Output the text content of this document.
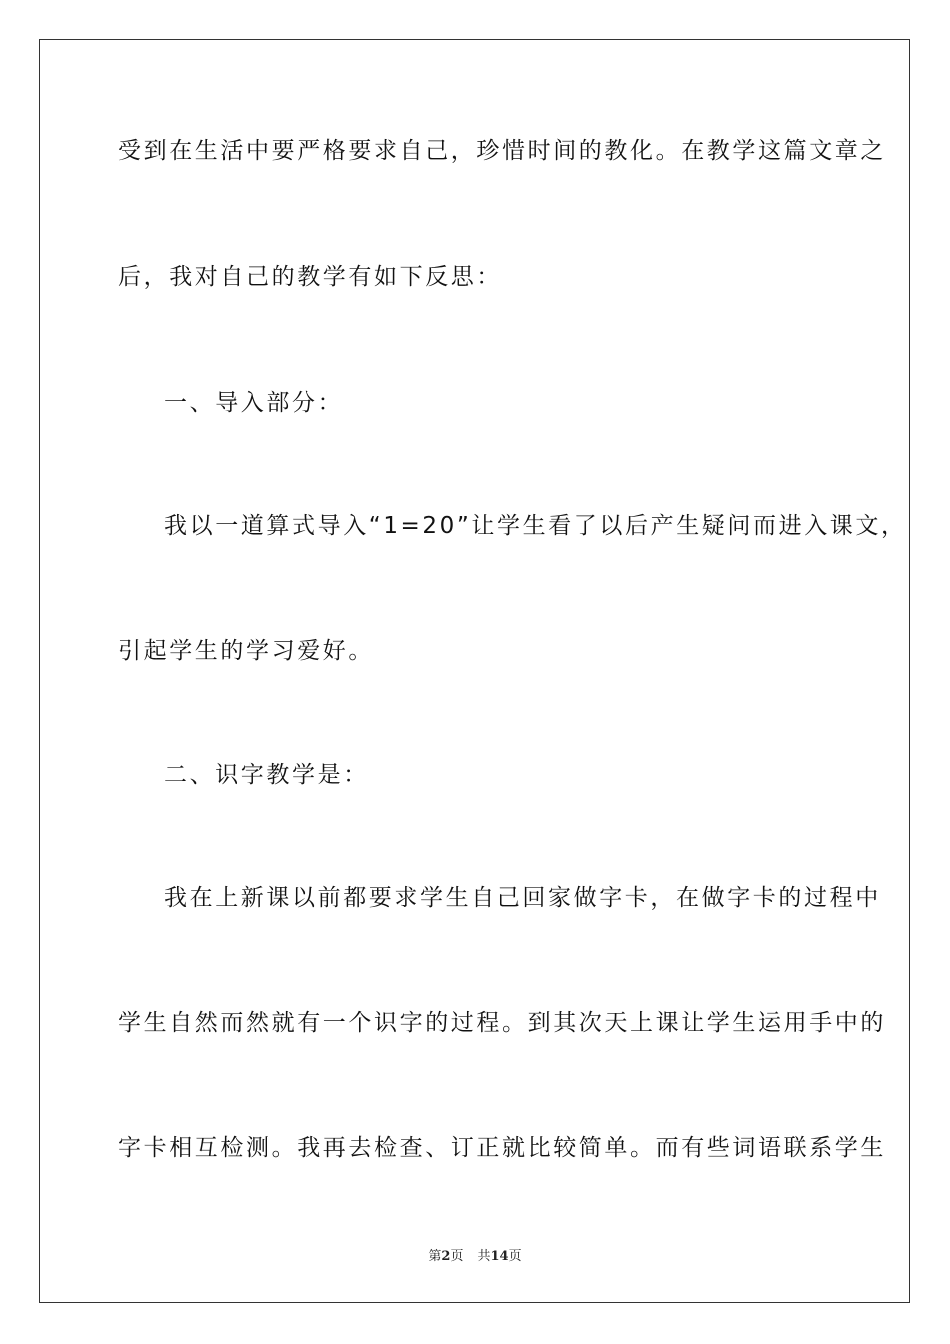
受到在生活中要严格要求自己，珍惜时间的教化。在教学这篇文章之

后，我对自己的教学有如下反思：

一、导入部分：

我以一道算式导入“1=20”让学生看了以后产生疑问而进入课文，

引起学生的学习爱好。

二、识字教学是：

我在上新课以前都要求学生自己回家做字卡，在做字卡的过程中

学生自然而然就有一个识字的过程。到其次天上课让学生运用手中的

字卡相互检测。我再去检查、订正就比较简单。而有些词语联系学生

第2页 共14页
